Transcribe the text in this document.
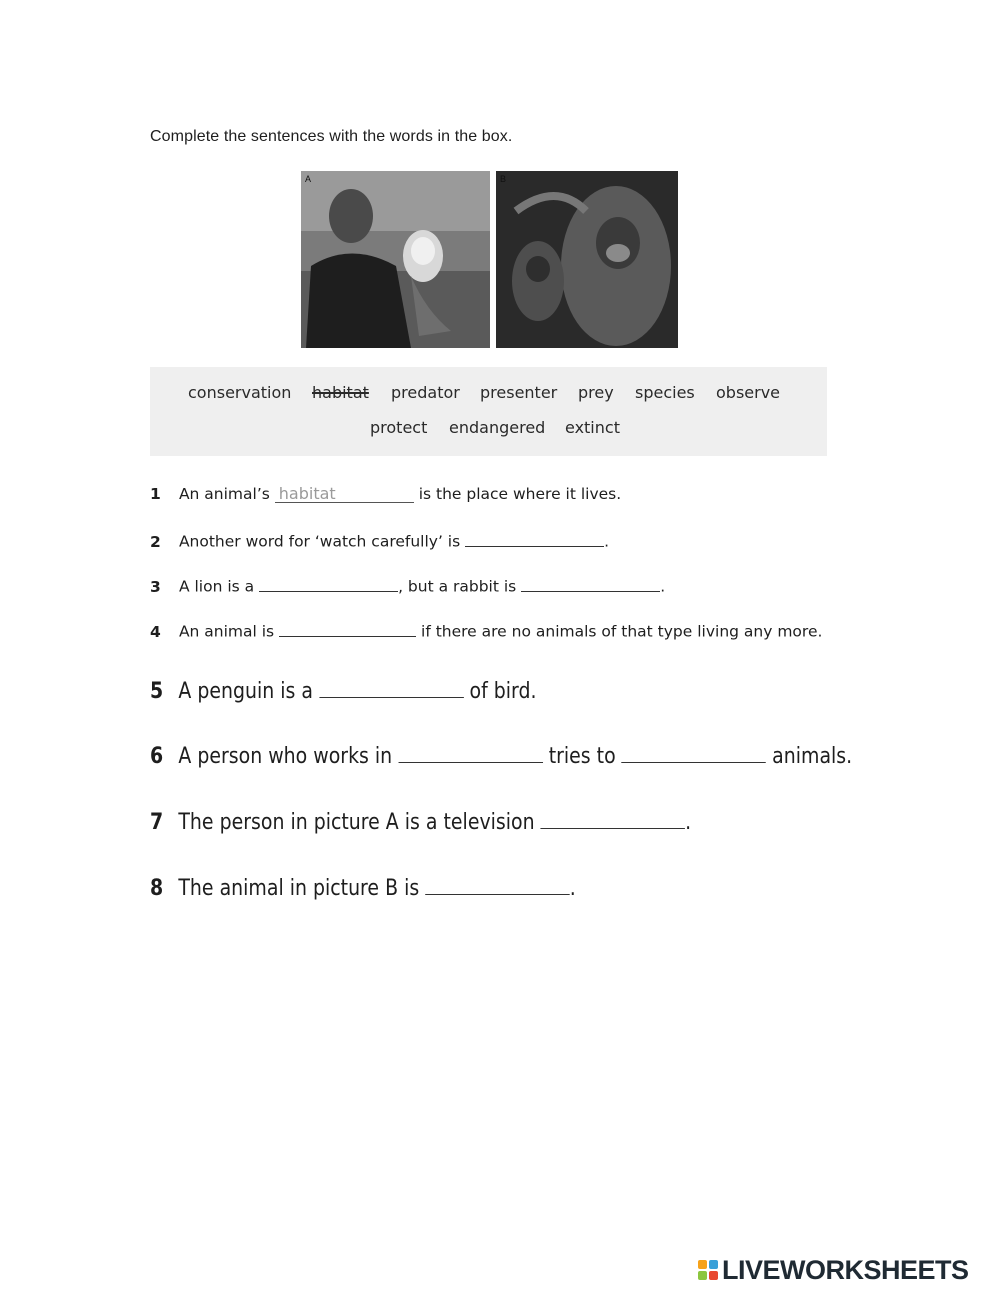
Complete the sentences with the words in the box.
A	B
conservation habitat predator presenter prey species observe
protect endangered extinct
1 An animal’s habitat	is the place where it lives.
2 Another word for ‘watch carefully’ is	.
3 A lion is a	, but a rabbit is	.
4 An animal is	if there are no animals of that type living any more.
5 A penguin is a	of bird.
6 A person who works in	tries to	animals.
7 The person in picture A is a television	.
8 The animal in picture B is	.
LIVEWORKSHEETS
